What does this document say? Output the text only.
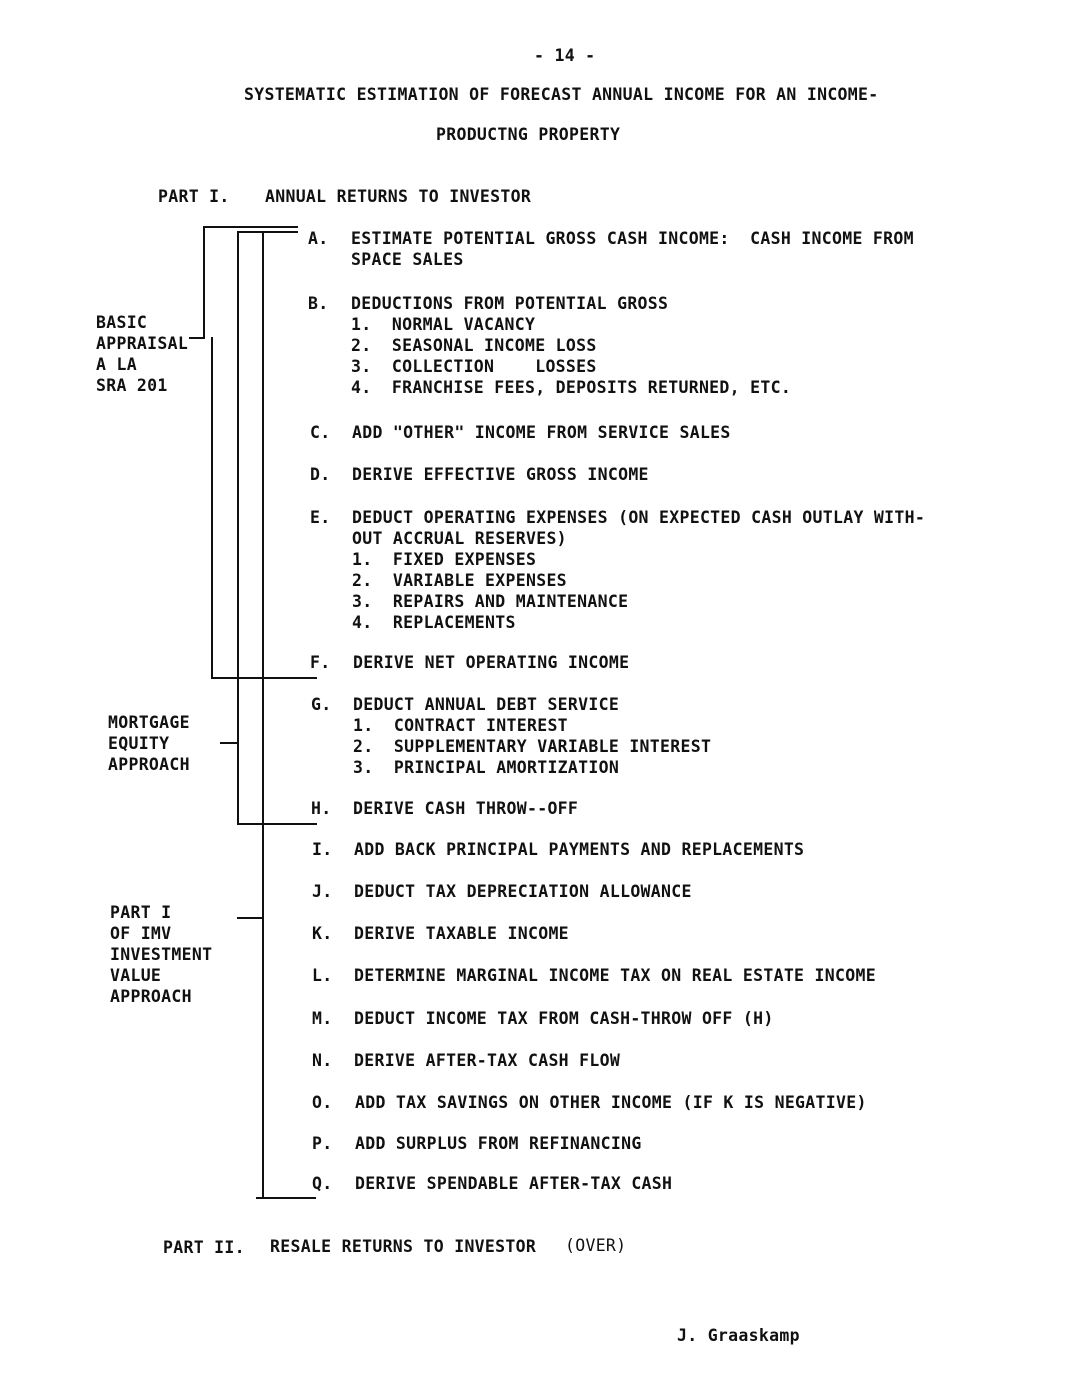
- 14 -
SYSTEMATIC ESTIMATION OF FORECAST ANNUAL INCOME FOR AN INCOME-
PRODUCTNG PROPERTY
PART I. ANNUAL RETURNS TO INVESTOR
BASIC
APPRAISAL
A LA
SRA 201
MORTGAGE
EQUITY
APPROACH
PART I
OF IMV
INVESTMENT
VALUE
APPROACH
A. ESTIMATE POTENTIAL GROSS CASH INCOME:  CASH INCOME FROM
SPACE SALES
B. DEDUCTIONS FROM POTENTIAL GROSS
1.  NORMAL VACANCY
2.  SEASONAL INCOME LOSS
3.  COLLECTION    LOSSES
4.  FRANCHISE FEES, DEPOSITS RETURNED, ETC.
C. ADD "OTHER" INCOME FROM SERVICE SALES
D. DERIVE EFFECTIVE GROSS INCOME
E. DEDUCT OPERATING EXPENSES (ON EXPECTED CASH OUTLAY WITH-
OUT ACCRUAL RESERVES)
1.  FIXED EXPENSES
2.  VARIABLE EXPENSES
3.  REPAIRS AND MAINTENANCE
4.  REPLACEMENTS
F. DERIVE NET OPERATING INCOME
G. DEDUCT ANNUAL DEBT SERVICE
1.  CONTRACT INTEREST
2.  SUPPLEMENTARY VARIABLE INTEREST
3.  PRINCIPAL AMORTIZATION
H. DERIVE CASH THROW--OFF
I. ADD BACK PRINCIPAL PAYMENTS AND REPLACEMENTS
J. DEDUCT TAX DEPRECIATION ALLOWANCE
K. DERIVE TAXABLE INCOME
L. DETERMINE MARGINAL INCOME TAX ON REAL ESTATE INCOME
M. DEDUCT INCOME TAX FROM CASH-THROW OFF (H)
N. DERIVE AFTER-TAX CASH FLOW
O. ADD TAX SAVINGS ON OTHER INCOME (IF K IS NEGATIVE)
P. ADD SURPLUS FROM REFINANCING
Q. DERIVE SPENDABLE AFTER-TAX CASH
PART II. RESALE RETURNS TO INVESTOR (OVER)
J. Graaskamp
